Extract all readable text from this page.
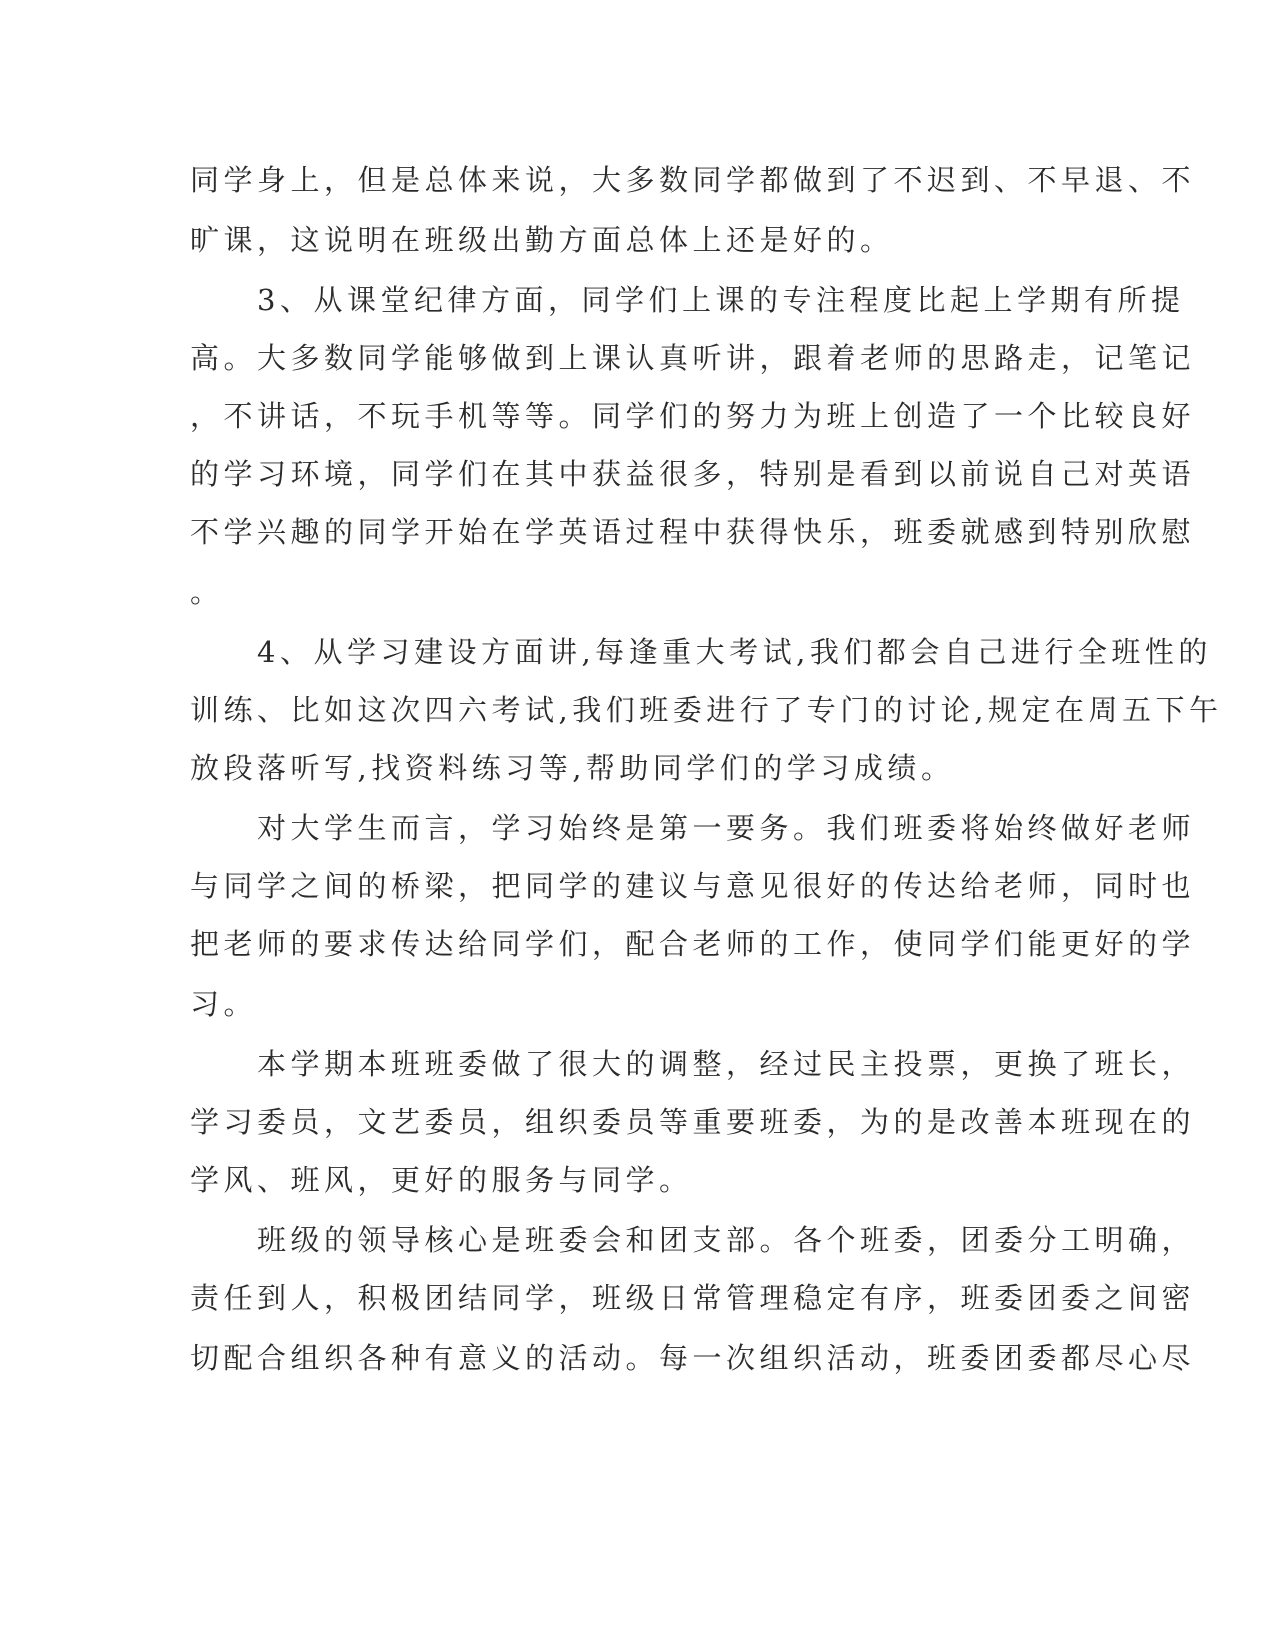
同学身上，但是总体来说，大多数同学都做到了不迟到、不早退、不
旷课，这说明在班级出勤方面总体上还是好的。
　　3、从课堂纪律方面，同学们上课的专注程度比起上学期有所提
高。大多数同学能够做到上课认真听讲，跟着老师的思路走，记笔记
，不讲话，不玩手机等等。同学们的努力为班上创造了一个比较良好
的学习环境，同学们在其中获益很多，特别是看到以前说自己对英语
不学兴趣的同学开始在学英语过程中获得快乐，班委就感到特别欣慰
。
　　4、从学习建设方面讲,每逢重大考试,我们都会自己进行全班性的
训练、比如这次四六考试,我们班委进行了专门的讨论,规定在周五下午
放段落听写,找资料练习等,帮助同学们的学习成绩。
　　对大学生而言，学习始终是第一要务。我们班委将始终做好老师
与同学之间的桥梁，把同学的建议与意见很好的传达给老师，同时也
把老师的要求传达给同学们，配合老师的工作，使同学们能更好的学
习。
　　本学期本班班委做了很大的调整，经过民主投票，更换了班长，
学习委员，文艺委员，组织委员等重要班委，为的是改善本班现在的
学风、班风，更好的服务与同学。
　　班级的领导核心是班委会和团支部。各个班委，团委分工明确，
责任到人，积极团结同学，班级日常管理稳定有序，班委团委之间密
切配合组织各种有意义的活动。每一次组织活动，班委团委都尽心尽
